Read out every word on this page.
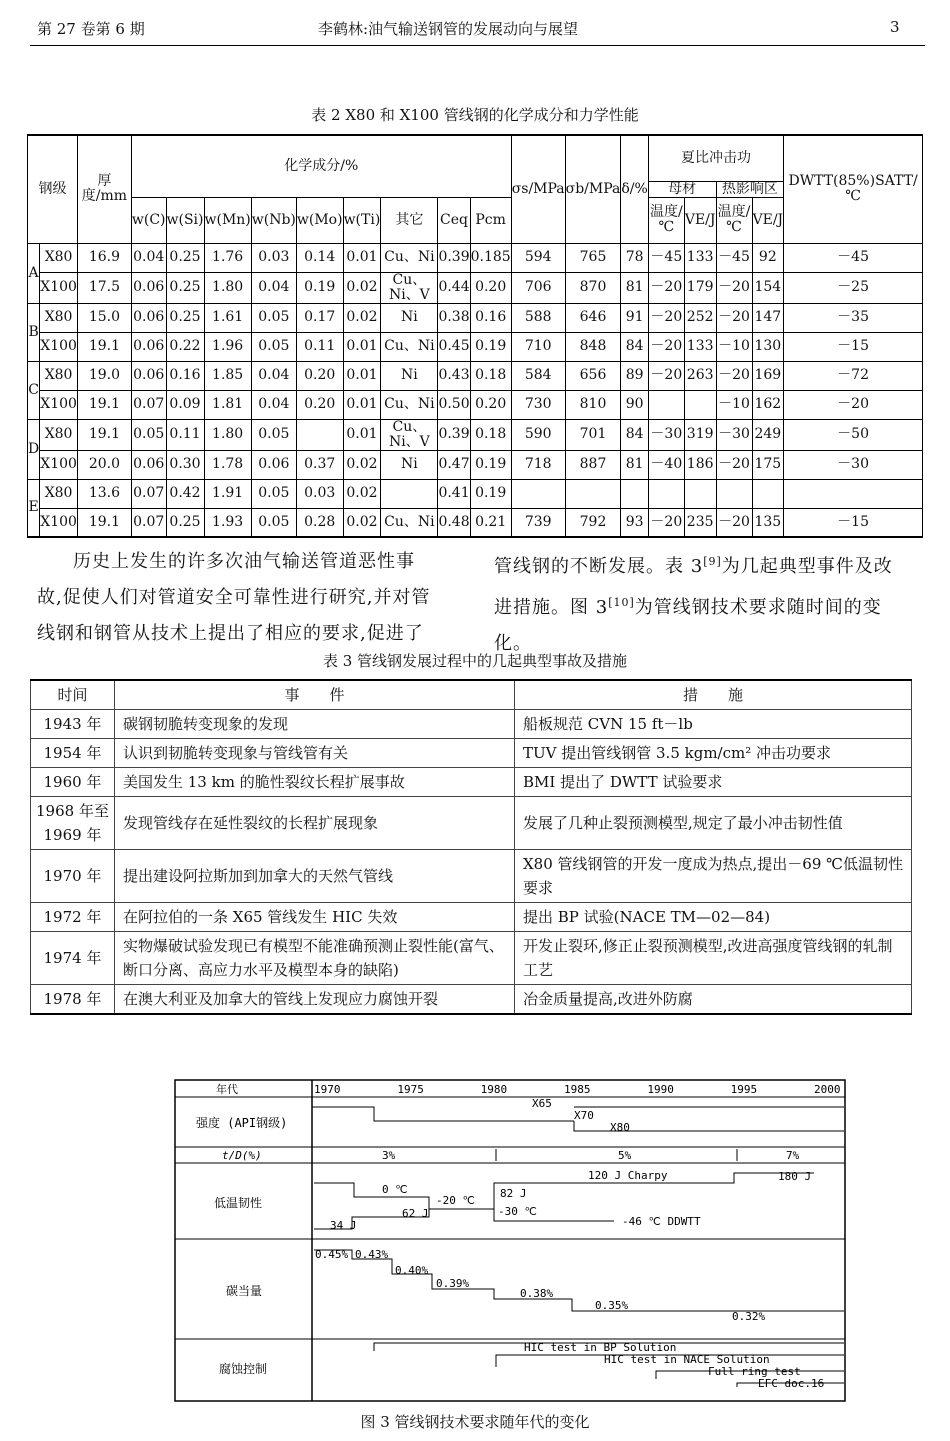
第 27 卷第 6 期	李鹤林:油气输送钢管的发展动向与展望	3
表 2 X80 和 X100 管线钢的化学成分和力学性能
钢级		厚度/mm	化学成分/%									σs/MPa	σb/MPa	δ/%	夏比冲击功				DWTT(85%)SATT/℃
															母材		热影响区		
			w(C)	w(Si)	w(Mn)	w(Nb)	w(Mo)	w(Ti)	其它	Ceq	Pcm				温度/℃	VE/J	温度/℃	VE/J	
A	X80	16.9	0.04	0.25	1.76	0.03	0.14	0.01	Cu、Ni	0.39	0.185	594	765	78	－45	133	－45	92	－45
	X100	17.5	0.06	0.25	1.80	0.04	0.19	0.02	Cu、Ni、V	0.44	0.20	706	870	81	－20	179	－20	154	－25
B	X80	15.0	0.06	0.25	1.61	0.05	0.17	0.02	Ni	0.38	0.16	588	646	91	－20	252	－20	147	－35
	X100	19.1	0.06	0.22	1.96	0.05	0.11	0.01	Cu、Ni	0.45	0.19	710	848	84	－20	133	－10	130	－15
C	X80	19.0	0.06	0.16	1.85	0.04	0.20	0.01	Ni	0.43	0.18	584	656	89	－20	263	－20	169	－72
	X100	19.1	0.07	0.09	1.81	0.04	0.20	0.01	Cu、Ni	0.50	0.20	730	810	90			－10	162	－20
D	X80	19.1	0.05	0.11	1.80	0.05		0.01	Cu、Ni、V	0.39	0.18	590	701	84	－30	319	－30	249	－50
	X100	20.0	0.06	0.30	1.78	0.06	0.37	0.02	Ni	0.47	0.19	718	887	81	－40	186	－20	175	－30
E	X80	13.6	0.07	0.42	1.91	0.05	0.03	0.02		0.41	0.19								
	X100	19.1	0.07	0.25	1.93	0.05	0.28	0.02	Cu、Ni	0.48	0.21	739	792	93	－20	235	－20	135	－15
历史上发生的许多次油气输送管道恶性事
故,促使人们对管道安全可靠性进行研究,并对管
线钢和钢管从技术上提出了相应的要求,促进了
管线钢的不断发展。表 3[9]为几起典型事件及改
进措施。图 3[10]为管线钢技术要求随时间的变
化。
表 3 管线钢发展过程中的几起典型事故及措施
时间	事　　件	措　　施
1943 年	碳钢韧脆转变现象的发现	船板规范 CVN 15 ft－lb
1954 年	认识到韧脆转变现象与管线管有关	TUV 提出管线钢管 3.5 kgm/cm² 冲击功要求
1960 年	美国发生 13 km 的脆性裂纹长程扩展事故	BMI 提出了 DWTT 试验要求
1968 年至 1969 年	发现管线存在延性裂纹的长程扩展现象	发展了几种止裂预测模型,规定了最小冲击韧性值
1970 年	提出建设阿拉斯加到加拿大的天然气管线	X80 管线钢管的开发一度成为热点,提出－69 ℃低温韧性要求
1972 年	在阿拉伯的一条 X65 管线发生 HIC 失效	提出 BP 试验(NACE TM—02—84)
1974 年	实物爆破试验发现已有模型不能准确预测止裂性能(富气、断口分离、高应力水平及模型本身的缺陷)	开发止裂环,修正止裂预测模型,改进高强度管线钢的轧制工艺
1978 年	在澳大利亚及加拿大的管线上发现应力腐蚀开裂	冶金质量提高,改进外防腐
年代	1970	1975	1980	1985	1990	1995	2000
强度 (API钢级)
t/D(%)
低温韧性
碳当量
腐蚀控制
X65
X70
X80
3%	5%	7%
0 ℃
-20 ℃
82 J
-30 ℃
120 J Charpy	180 J
34 J
62 J
-46 ℃ DDWTT
0.45% 0.43%
0.40%
0.39%
0.38%
0.35%
0.32%
HIC test in BP Solution
HIC test in NACE Solution
Full ring test
EFC doc.16
图 3 管线钢技术要求随年代的变化
